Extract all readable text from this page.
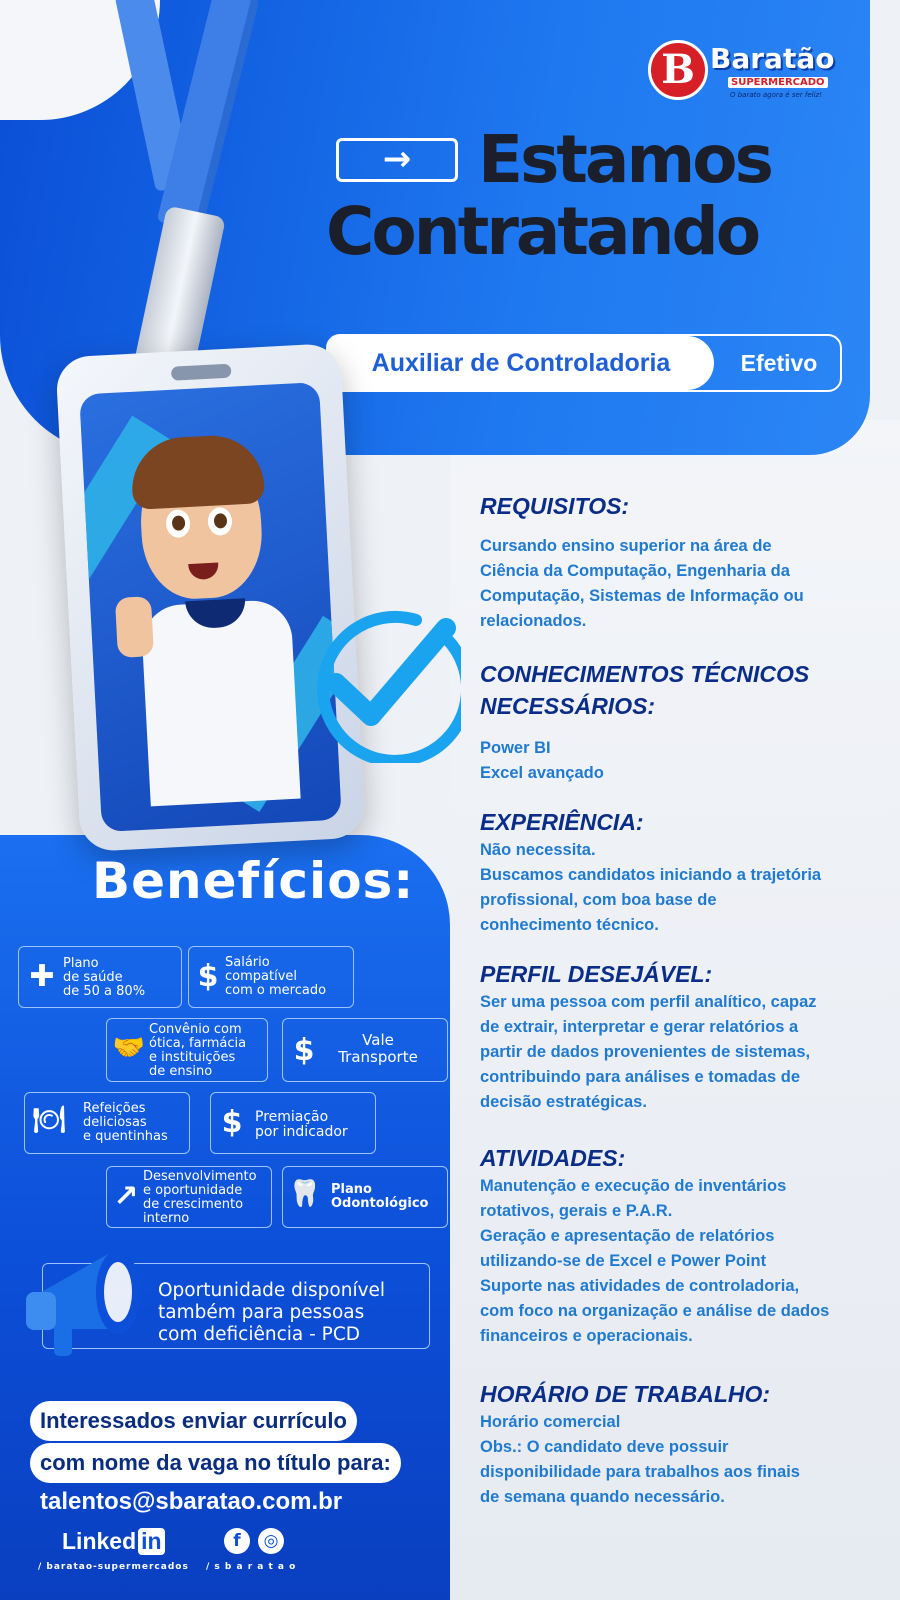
B Baratão
SUPERMERCADO
O barato agora é ser feliz!
→	Estamos
Contratando
Auxiliar de Controladoria	Efetivo
REQUISITOS:
Cursando ensino superior na área de
Ciência da Computação, Engenharia da
Computação, Sistemas de Informação ou
relacionados.
CONHECIMENTOS TÉCNICOS
NECESSÁRIOS:
Power BI
Excel avançado
EXPERIÊNCIA:
Não necessita.
Buscamos candidatos iniciando a trajetória
profissional, com boa base de
conhecimento técnico.
PERFIL DESEJÁVEL:
Ser uma pessoa com perfil analítico, capaz
de extrair, interpretar e gerar relatórios a
partir de dados provenientes de sistemas,
contribuindo para análises e tomadas de
decisão estratégicas.
ATIVIDADES:
Manutenção e execução de inventários
rotativos, gerais e P.A.R.
Geração e apresentação de relatórios
utilizando-se de Excel e Power Point
Suporte nas atividades de controladoria,
com foco na organização e análise de dados
financeiros e operacionais.
HORÁRIO DE TRABALHO:
Horário comercial
Obs.: O candidato deve possuir
disponibilidade para trabalhos aos finais
de semana quando necessário.
Benefícios:
✚ Plano
de saúde
de 50 a 80% $ Salário
compatível
com o mercado
🤝
Convênio com
ótica, farmácia
e instituições
de ensino
$	Vale
Transporte
🍽 Refeições
deliciosas
e quentinhas $ Premiação
por indicador
↗
Desenvolvimento
e oportunidade
de crescimento
interno
🦷 Plano
Odontológico
Oportunidade disponível
também para pessoas
com deficiência - PCD
Interessados enviar currículo
com nome da vaga no título para:
talentos@sbaratao.com.br
Linked in
/ baratao-supermercados
f	◎
/ s b a r a t a o
